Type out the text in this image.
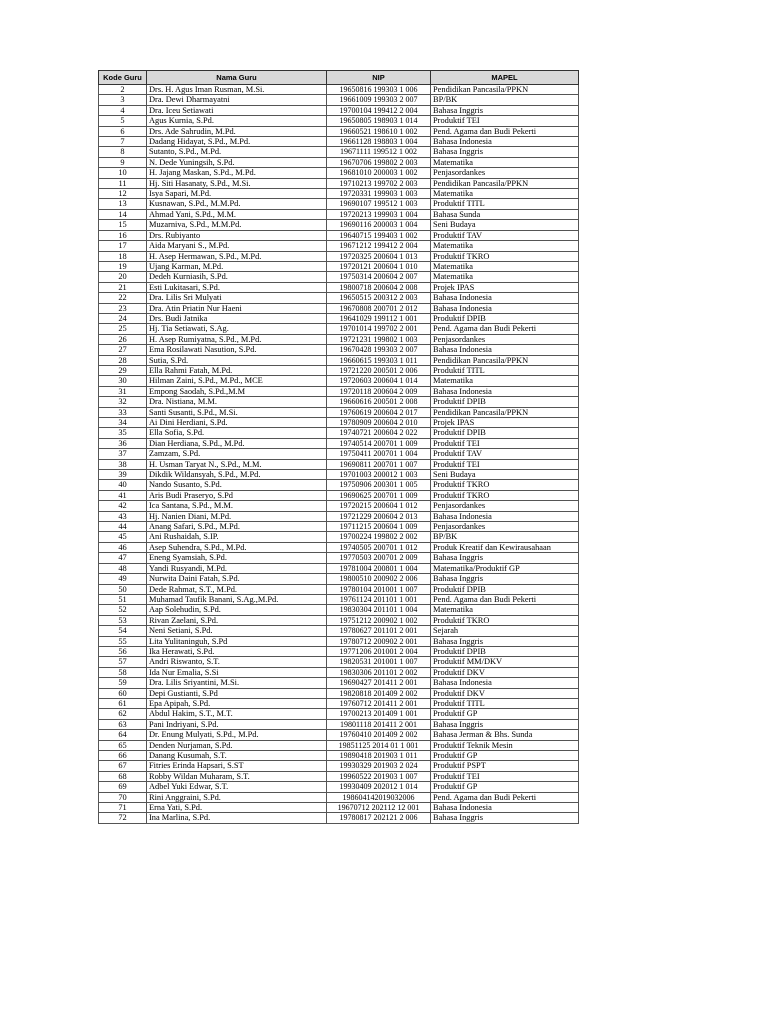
Kode Guru	Nama Guru	NIP	MAPEL
2	Drs. H. Agus Iman Rusman, M.Si.	19650816 199303 1 006	Pendidikan Pancasila/PPKN
3	Dra. Dewi Dharmayatni	19661009 199303 2 007	BP/BK
4	Dra. Iceu Setiawati	19700104 199412 2 004	Bahasa Inggris
5	Agus Kurnia, S.Pd.	19650805 198903 1 014	Produktif TEI
6	Drs. Ade Sahrudin, M.Pd.	19660521 198610 1 002	Pend. Agama dan Budi Pekerti
7	Dadang Hidayat, S.Pd., M.Pd.	19661128 198803 1 004	Bahasa Indonesia
8	Sutanto, S.Pd., M.Pd.	19671111 199512 1 002	Bahasa Inggris
9	N. Dede Yuningsih, S.Pd.	19670706 199802 2 003	Matematika
10	H. Jajang Maskan, S.Pd., M.Pd.	19681010 200003 1 002	Penjasordankes
11	Hj. Siti Hasanaty, S.Pd., M.Si.	19710213 199702 2 003	Pendidikan Pancasila/PPKN
12	Isya Sapari, M.Pd.	19720331 199903 1 003	Matematika
13	Kusnawan, S.Pd., M.M.Pd.	19690107 199512 1 003	Produktif TITL
14	Ahmad Yani, S.Pd., M.M.	19720213 199903 1 004	Bahasa Sunda
15	Muzarniva, S.Pd., M.M.Pd.	19690116 200003 1 004	Seni Budaya
16	Drs. Rubiyanto	19640715 199403 1 002	Produktif TAV
17	Aida Maryani S., M.Pd.	19671212 199412 2 004	Matematika
18	H. Asep Hermawan, S.Pd., M.Pd.	19720325 200604 1 013	Produktif TKRO
19	Ujang Karman, M.Pd.	19720121 200604 1 010	Matematika
20	Dedeh Kurniasih, S.Pd.	19750314 200604 2 007	Matematika
21	Esti Lukitasari, S.Pd.	19800718 200604 2 008	Projek IPAS
22	Dra. Lilis Sri Mulyati	19650515 200312 2 003	Bahasa Indonesia
23	Dra. Atin Priatin Nur Haeni	19670808 200701 2 012	Bahasa Indonesia
24	Drs. Budi Jatnika	19641029 199112 1 001	Produktif DPIB
25	Hj. Tia Setiawati, S.Ag.	19701014 199702 2 001	Pend. Agama dan Budi Pekerti
26	H. Asep Rumiyatna, S.Pd., M.Pd.	19721231 199802 1 003	Penjasordankes
27	Ema Rosilawati Nasution, S.Pd.	19670428 199303 2 007	Bahasa Indonesia
28	Sutia, S.Pd.	19660615 199303 1 011	Pendidikan Pancasila/PPKN
29	Ella Rahmi Fatah, M.Pd.	19721220 200501 2 006	Produktif TITL
30	Hilman Zaini, S.Pd., M.Pd., MCE	19720603 200604 1 014	Matematika
31	Empong Saodah, S.Pd.,M.M	19720118 200604 2 009	Bahasa Indonesia
32	Dra. Nistiana, M.M.	19660616 200501 2 008	Produktif DPIB
33	Santi Susanti, S.Pd., M.Si.	19760619 200604 2 017	Pendidikan Pancasila/PPKN
34	Ai Dini Herdiani, S.Pd.	19780909 200604 2 010	Projek IPAS
35	Ella Sofia, S.Pd.	19740721 200604 2 022	Produktif DPIB
36	Dian Herdiana, S.Pd., M.Pd.	19740514 200701 1 009	Produktif TEI
37	Zamzam, S.Pd.	19750411 200701 1 004	Produktif TAV
38	H. Usman Taryat N., S.Pd., M.M.	19690811 200701 1 007	Produktif TEI
39	Dikdik Wildansyah, S.Pd., M.Pd.	19701003 200012 1 003	Seni Budaya
40	Nando Susanto, S.Pd.	19750906 200301 1 005	Produktif TKRO
41	Aris Budi Praseryo, S.Pd	19690625 200701 1 009	Produktif TKRO
42	Ica Santana, S.Pd., M.M.	19720215 200604 1 012	Penjasordankes
43	Hj. Nanien Diani, M.Pd.	19721229 200604 2 013	Bahasa Indonesia
44	Anang Safari, S.Pd., M.Pd.	19711215 200604 1 009	Penjasordankes
45	Ani Rushaidah, S.IP.	19700224 199802 2 002	BP/BK
46	Asep Suhendra, S.Pd., M.Pd.	19740505 200701 1 012	Produk Kreatif dan Kewirausahaan
47	Eneng Syamsiah, S.Pd.	19770503 200701 2 009	Bahasa Inggris
48	Yandi Rusyandi, M.Pd.	19781004 200801 1 004	Matematika/Produktif GP
49	Nurwita Daini Fatah, S.Pd.	19800510 200902 2 006	Bahasa Inggris
50	Dede Rahmat, S.T., M.Pd.	19780104 201001 1 007	Produktif DPIB
51	Muhamad Taufik Banani, S.Ag.,M.Pd.	19761124 201101 1 001	Pend. Agama dan Budi Pekerti
52	Aap Solehudin, S.Pd.	19830304 201101 1 004	Matematika
53	Rivan Zaelani, S.Pd.	19751212 200902 1 002	Produktif TKRO
54	Neni Setiani, S.Pd.	19780627 201101 2 001	Sejarah
55	Lita Yulitaninguh, S.Pd	19780712 200902 2 001	Bahasa Inggris
56	Ika Herawati, S.Pd.	19771206 201001 2 004	Produktif DPIB
57	Andri Riswanto, S.T.	19820531 201001 1 007	Produktif MM/DKV
58	Ida Nur Emalia, S.Si	19830306 201101 2 002	Produktif DKV
59	Dra. Lilis Sriyantini, M.Si.	19690427 201411 2 001	Bahasa Indonesia
60	Depi Gustianti, S.Pd	19820818 201409 2 002	Produktif DKV
61	Epa Apipah, S.Pd.	19760712 201411 2 001	Produktif TITL
62	Abdul Hakim, S.T., M.T.	19700213 201409 1 001	Produktif GP
63	Pani Indriyani, S.Pd.	19801118 201411 2 001	Bahasa Inggris
64	Dr. Enung Mulyati, S.Pd., M.Pd.	19760410 201409 2 002	Bahasa Jerman & Bhs. Sunda
65	Denden Nurjaman, S.Pd.	19851125 2014 01 1 001	Produktif Teknik Mesin
66	Danang Kusumah, S.T.	19890418 201903 1 011	Produktif GP
67	Fitries Erinda Hapsari, S.ST	19930329 201903 2 024	Produktif PSPT
68	Robby Wildan Muharam, S.T.	19960522 201903 1 007	Produktif TEI
69	Adbel Yuki Edwar, S.T.	19930409 202012 1 014	Produktif GP
70	Rini Anggraini, S.Pd.	198604142019032006	Pend. Agama dan Budi Pekerti
71	Erna Yati, S.Pd.	19670712 202112 12 001	Bahasa Indonesia
72	Ina Marlina, S.Pd.	19780817 202121 2 006	Bahasa Inggris
